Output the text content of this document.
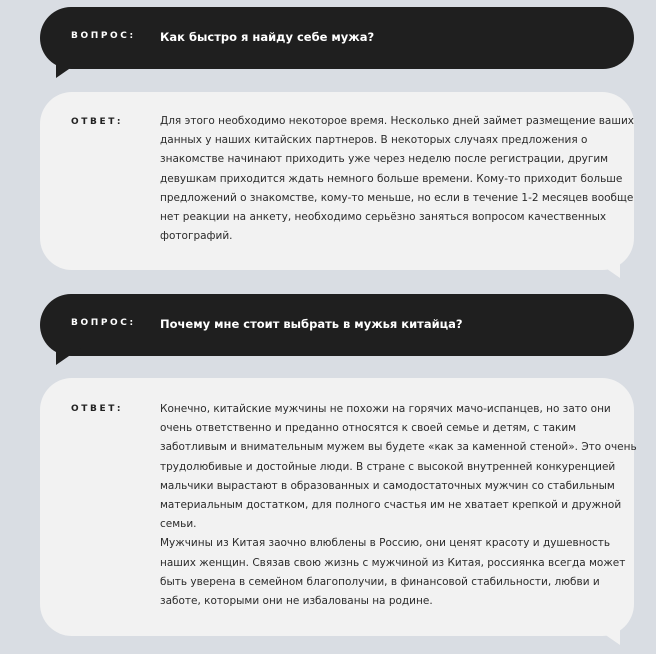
ВОПРОС: Как быстро я найду себе мужа?
ОТВЕТ:	Для этого необходимо некоторое время. Несколько дней займет размещение ваших
данных у наших китайских партнеров. В некоторых случаях предложения о
знакомстве начинают приходить уже через неделю после регистрации, другим
девушкам приходится ждать немного больше времени. Кому-то приходит больше
предложений о знакомстве, кому-то меньше, но если в течение 1-2 месяцев вообще
нет реакции на анкету, необходимо серьёзно заняться вопросом качественных
фотографий.
ВОПРОС: Почему мне стоит выбрать в мужья китайца?
ОТВЕТ:	Конечно, китайские мужчины не похожи на горячих мачо-испанцев, но зато они
очень ответственно и преданно относятся к своей семье и детям, с таким
заботливым и внимательным мужем вы будете «как за каменной стеной». Это очень
трудолюбивые и достойные люди. В стране с высокой внутренней конкуренцией
мальчики вырастают в образованных и самодостаточных мужчин со стабильным
материальным достатком, для полного счастья им не хватает крепкой и дружной
семьи.
Мужчины из Китая заочно влюблены в Россию, они ценят красоту и душевность
наших женщин. Связав свою жизнь с мужчиной из Китая, россиянка всегда может
быть уверена в семейном благополучии, в финансовой стабильности, любви и
заботе, которыми они не избалованы на родине.
